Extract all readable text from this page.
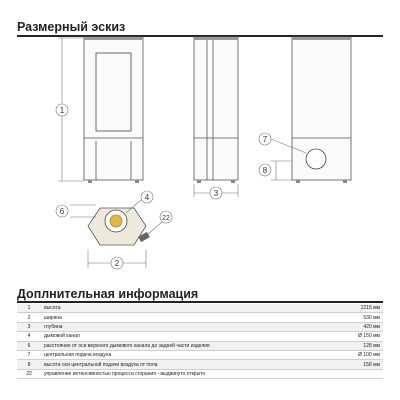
Размерный эскиз
1
3
7
8
4
6
22
2
Доплнительная информация
1	высота	1215 мм
2	ширина	530 мм
3	глубина	420 мм
4	дымовой канал	Ø 150 мм
6	расстояние от оси верхнего дымового канала до задней части изделия	128 мм
7	центральная подача воздуха	Ø 100 мм
8	высота оси центральной подачи воздуха от пола	158 мм
22	управление интенсивностью процесса сгорания - выдвинуто открыто	
